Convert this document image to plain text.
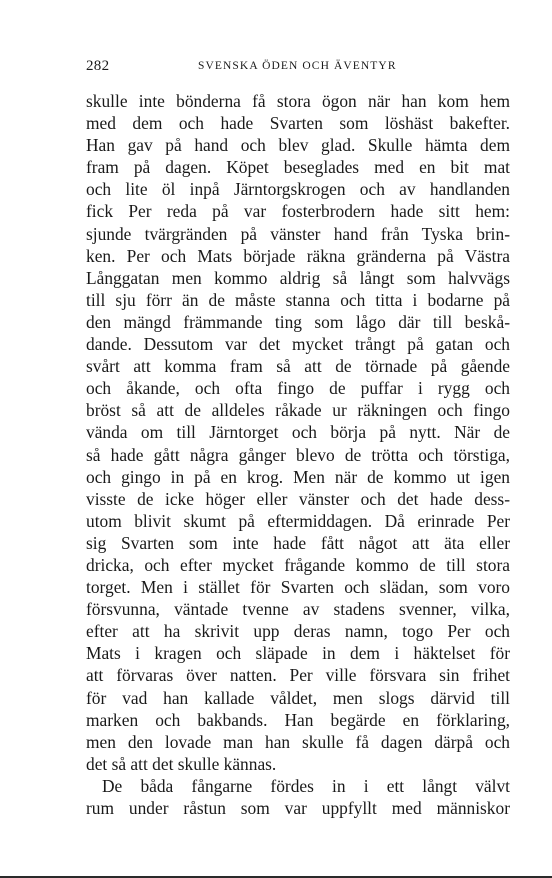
282	SVENSKA ÖDEN OCH ÄVENTYR
skulle inte bönderna få stora ögon när han kom hem
med dem och hade Svarten som löshäst bakefter.
Han gav på hand och blev glad. Skulle hämta dem
fram på dagen. Köpet beseglades med en bit mat
och lite öl inpå Järntorgskrogen och av handlanden
fick Per reda på var fosterbrodern hade sitt hem:
sjunde tvärgränden på vänster hand från Tyska brin-
ken. Per och Mats började räkna gränderna på Västra
Långgatan men kommo aldrig så långt som halvvägs
till sju förr än de måste stanna och titta i bodarne på
den mängd främmande ting som lågo där till beskå-
dande. Dessutom var det mycket trångt på gatan och
svårt att komma fram så att de törnade på gående
och åkande, och ofta fingo de puffar i rygg och
bröst så att de alldeles råkade ur räkningen och fingo
vända om till Järntorget och börja på nytt. När de
så hade gått några gånger blevo de trötta och törstiga,
och gingo in på en krog. Men när de kommo ut igen
visste de icke höger eller vänster och det hade dess-
utom blivit skumt på eftermiddagen. Då erinrade Per
sig Svarten som inte hade fått något att äta eller
dricka, och efter mycket frågande kommo de till stora
torget. Men i stället för Svarten och slädan, som voro
försvunna, väntade tvenne av stadens svenner, vilka,
efter att ha skrivit upp deras namn, togo Per och
Mats i kragen och släpade in dem i häktelset för
att förvaras över natten. Per ville försvara sin frihet
för vad han kallade våldet, men slogs därvid till
marken och bakbands. Han begärde en förklaring,
men den lovade man han skulle få dagen därpå och
det så att det skulle kännas.
De båda fångarne fördes in i ett långt välvt
rum under råstun som var uppfyllt med människor
